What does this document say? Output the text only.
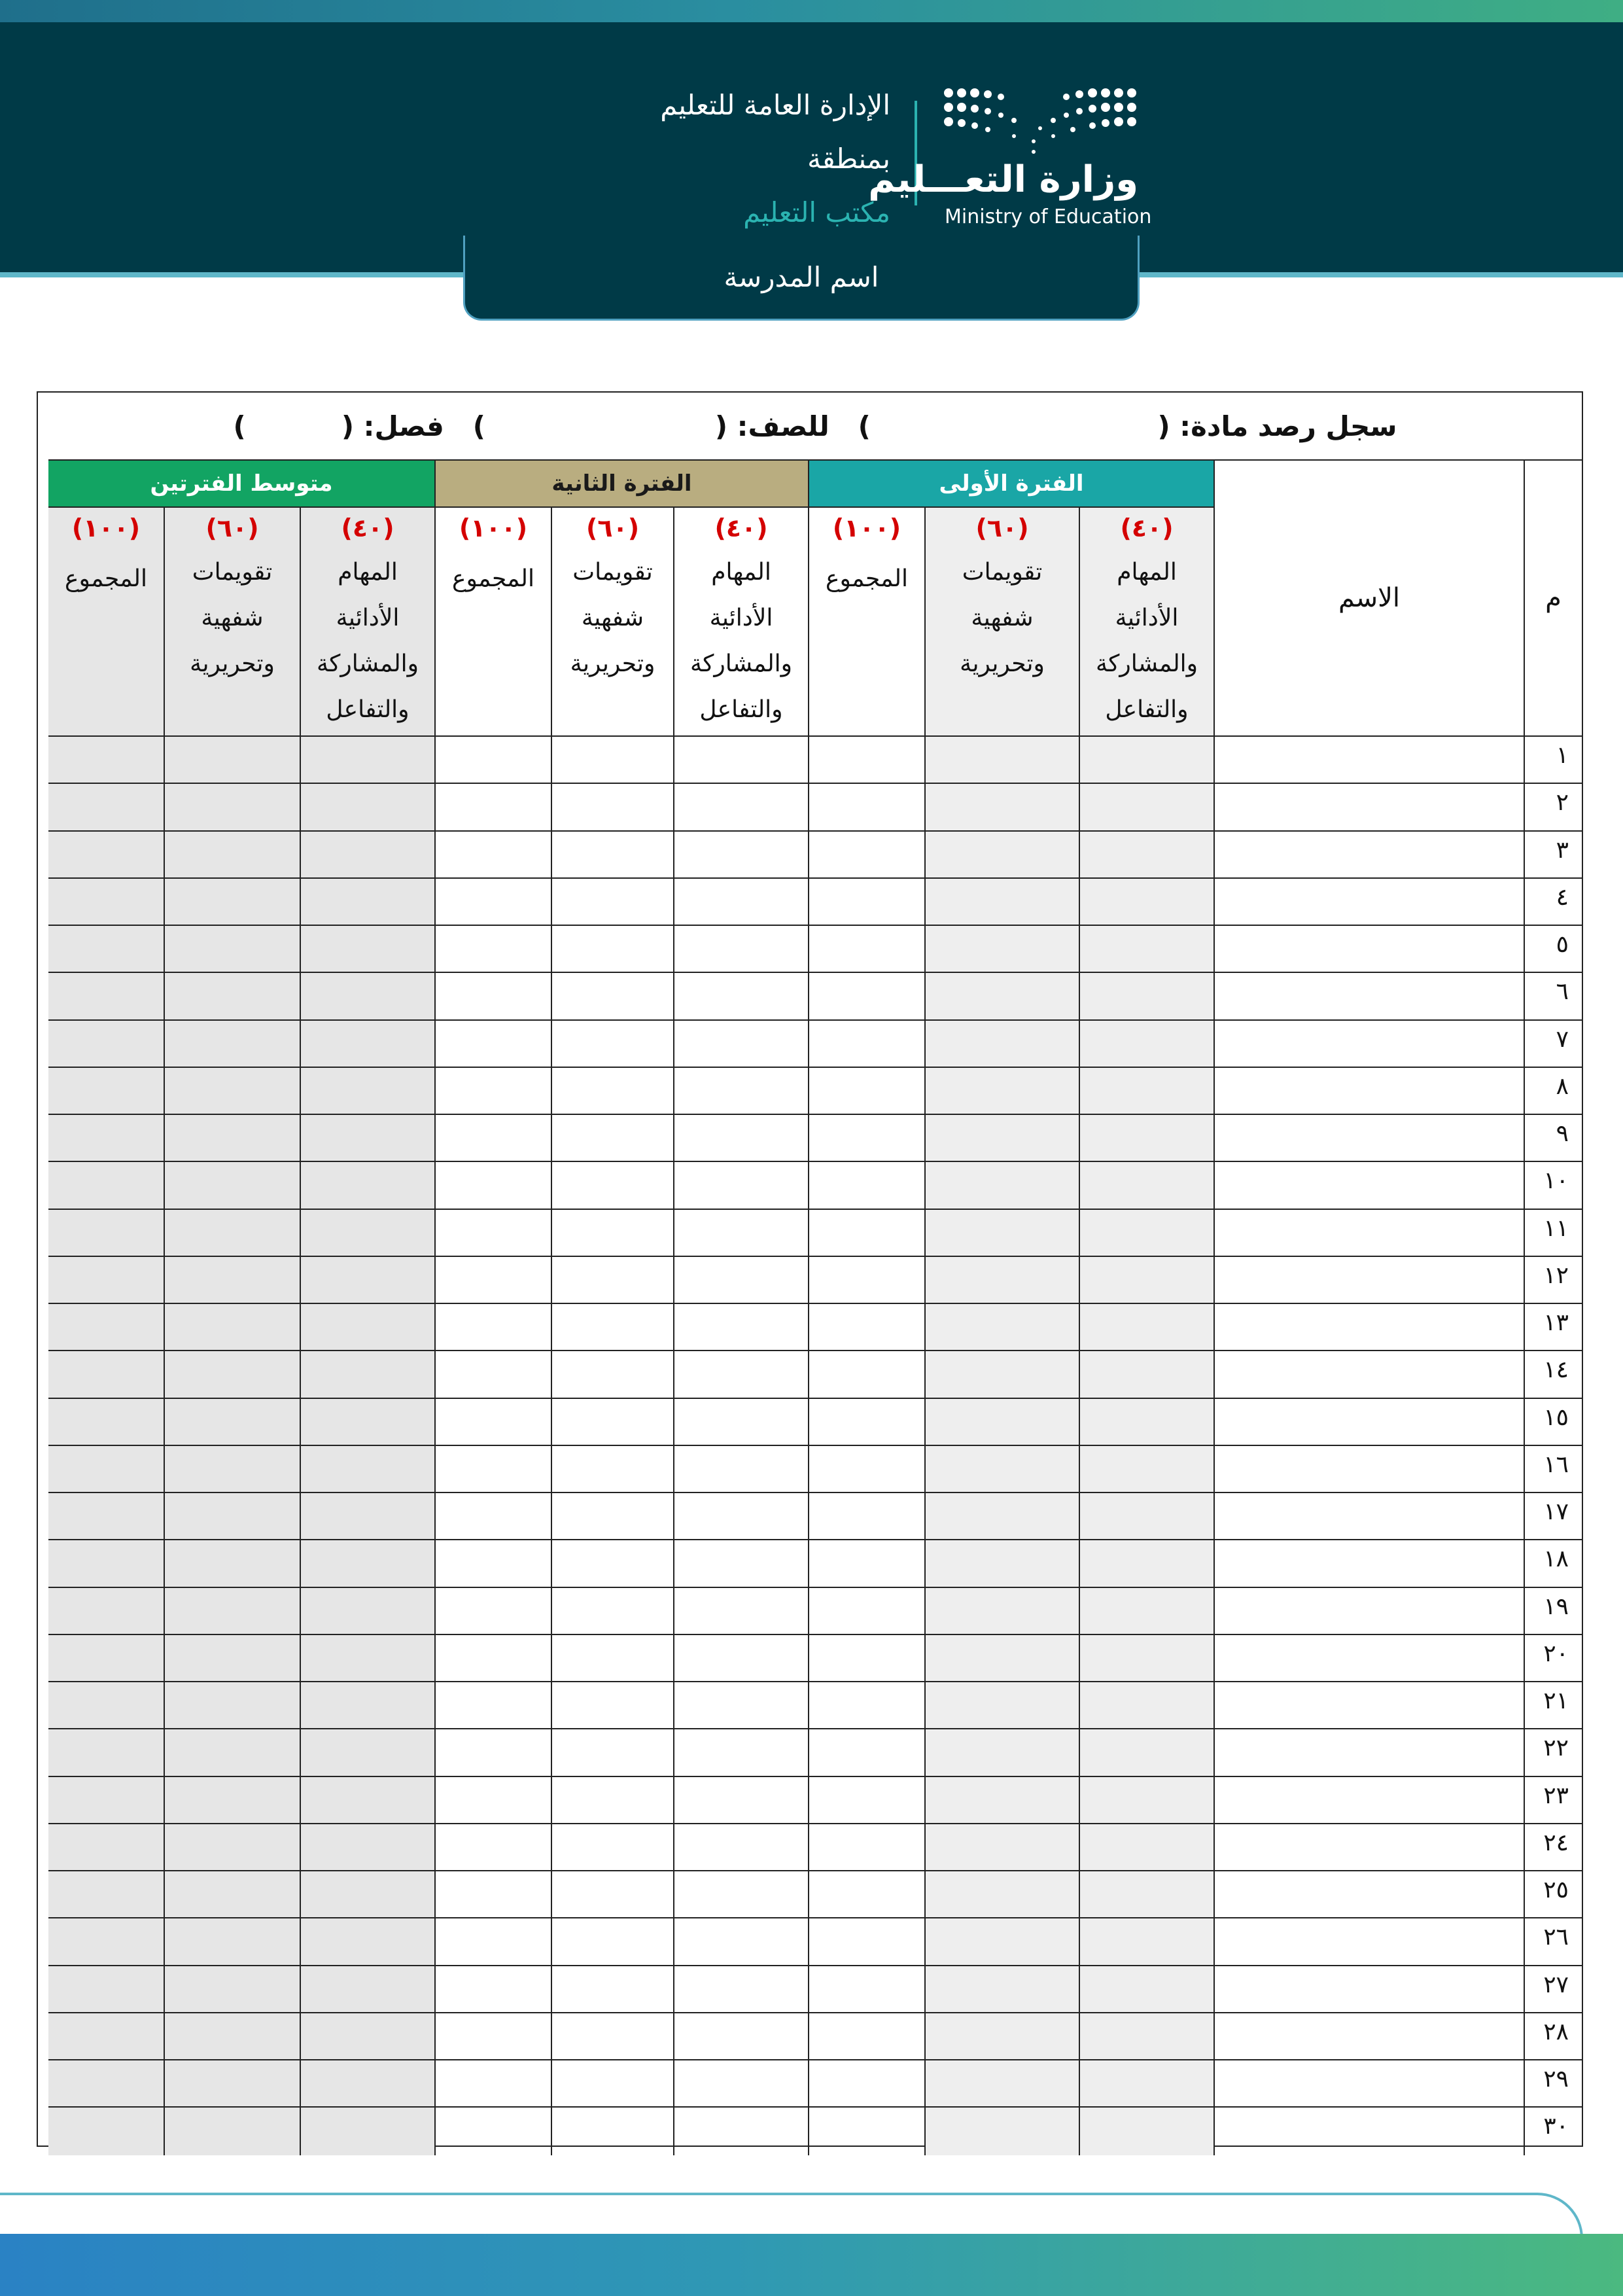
الإدارة العامة للتعليم
بمنطقة
مكتب التعليم
وزارة التعـــليم
Ministry of Education
اسم المدرسة
سجل رصد مادة: (                              )   للصف: (                        )   فصل: (          )
م
الاسم
الفترة الأولى
الفترة الثانية
متوسط الفترتين
(٤٠)
المهام
الأدائية
والمشاركة
والتفاعل
(٦٠)
تقويمات
شفهية
وتحريرية
(١٠٠)
المجموع
(٤٠)
المهام
الأدائية
والمشاركة
والتفاعل
(٦٠)
تقويمات
شفهية
وتحريرية
(١٠٠)
المجموع
(٤٠)
المهام
الأدائية
والمشاركة
والتفاعل
(٦٠)
تقويمات
شفهية
وتحريرية
(١٠٠)
المجموع
١
٢
٣
٤
٥
٦
٧
٨
٩
١٠
١١
١٢
١٣
١٤
١٥
١٦
١٧
١٨
١٩
٢٠
٢١
٢٢
٢٣
٢٤
٢٥
٢٦
٢٧
٢٨
٢٩
٣٠
